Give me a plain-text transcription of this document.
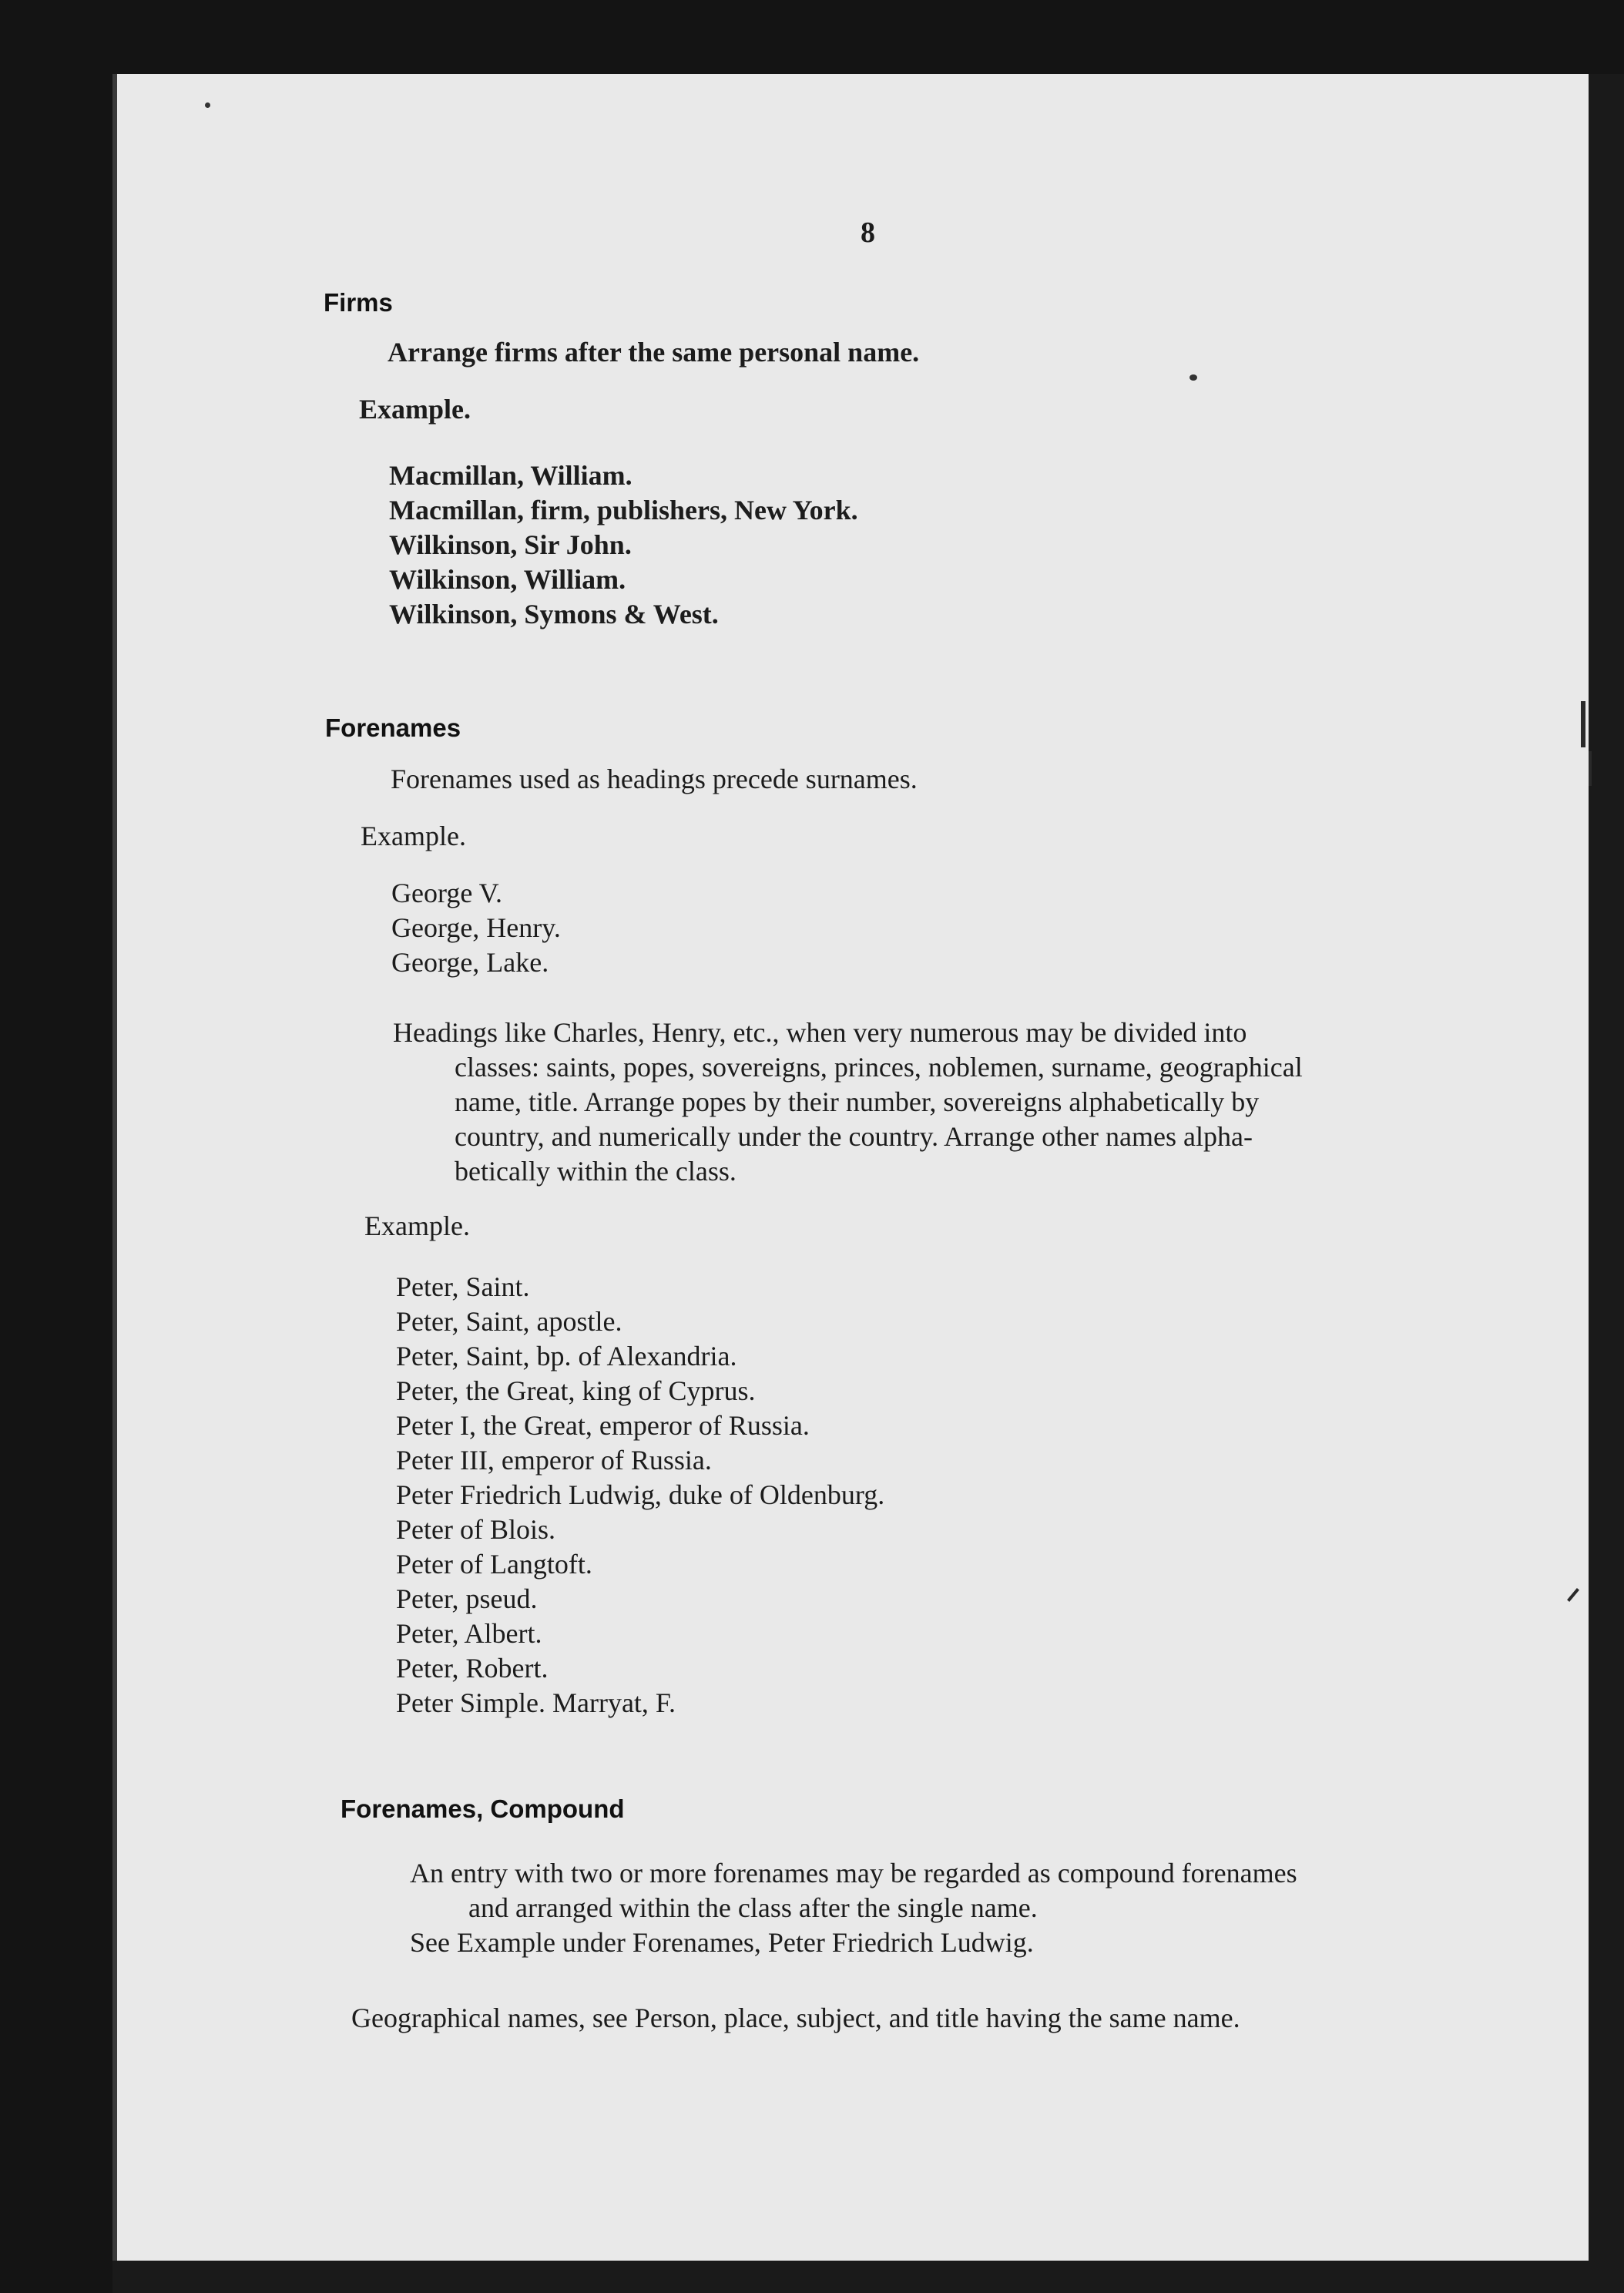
8
Firms
Arrange firms after the same personal name.
Example.
Macmillan, William.
Macmillan, firm, publishers, New York.
Wilkinson, Sir John.
Wilkinson, William.
Wilkinson, Symons & West.
Forenames
Forenames used as headings precede surnames.
Example.
George V.
George, Henry.
George, Lake.
Headings like Charles, Henry, etc., when very numerous may be divided into
classes: saints, popes, sovereigns, princes, noblemen, surname, geographical
name, title. Arrange popes by their number, sovereigns alphabetically by
country, and numerically under the country. Arrange other names alpha-
betically within the class.
Example.
Peter, Saint.
Peter, Saint, apostle.
Peter, Saint, bp. of Alexandria.
Peter, the Great, king of Cyprus.
Peter I, the Great, emperor of Russia.
Peter III, emperor of Russia.
Peter Friedrich Ludwig, duke of Oldenburg.
Peter of Blois.
Peter of Langtoft.
Peter, pseud.
Peter, Albert.
Peter, Robert.
Peter Simple. Marryat, F.
Forenames, Compound
An entry with two or more forenames may be regarded as compound forenames
and arranged within the class after the single name.
See Example under Forenames, Peter Friedrich Ludwig.
Geographical names, see Person, place, subject, and title having the same name.
